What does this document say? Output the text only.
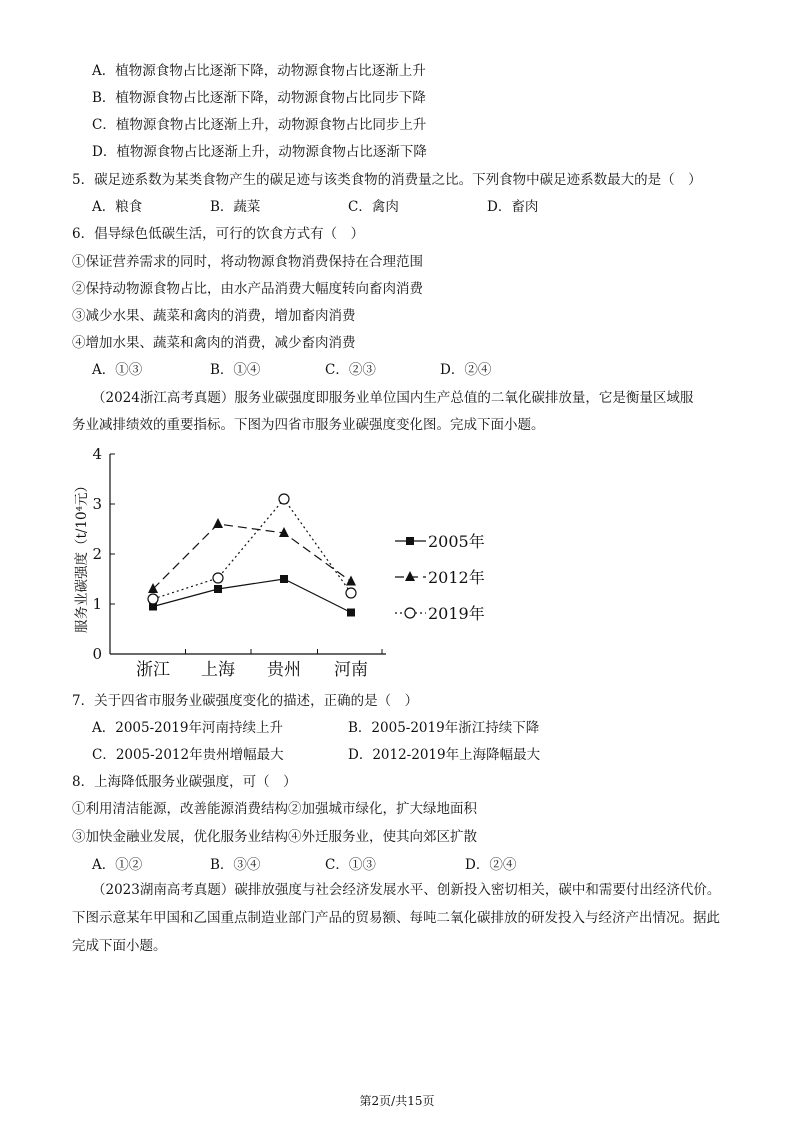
A．植物源食物占比逐渐下降，动物源食物占比逐渐上升
B．植物源食物占比逐渐下降，动物源食物占比同步下降
C．植物源食物占比逐渐上升，动物源食物占比同步上升
D．植物源食物占比逐渐上升，动物源食物占比逐渐下降
5．碳足迹系数为某类食物产生的碳足迹与该类食物的消费量之比。下列食物中碳足迹系数最大的是（　）
A．粮食	B．蔬菜	C．禽肉	D．畜肉
6．倡导绿色低碳生活，可行的饮食方式有（　）
①保证营养需求的同时，将动物源食物消费保持在合理范围
②保持动物源食物占比，由水产品消费大幅度转向畜肉消费
③减少水果、蔬菜和禽肉的消费，增加畜肉消费
④增加水果、蔬菜和禽肉的消费，减少畜肉消费
A．①③	B．①④	C．②③	D．②④
（2024浙江高考真题）服务业碳强度即服务业单位国内生产总值的二氧化碳排放量，它是衡量区域服
务业减排绩效的重要指标。下图为四省市服务业碳强度变化图。完成下面小题。
0
1
2
3
4
浙江 上海 贵州 河南
服务业碳强度（t/10⁴元）	2005年
2012年
2019年
7．关于四省市服务业碳强度变化的描述，正确的是（　）
A．2005-2019年河南持续上升	B．2005-2019年浙江持续下降
C．2005-2012年贵州增幅最大	D．2012-2019年上海降幅最大
8．上海降低服务业碳强度，可（　）
①利用清洁能源，改善能源消费结构②加强城市绿化，扩大绿地面积
③加快金融业发展，优化服务业结构④外迁服务业，使其向郊区扩散
A．①②	B．③④	C．①③	D．②④
（2023湖南高考真题）碳排放强度与社会经济发展水平、创新投入密切相关，碳中和需要付出经济代价。下图示意某年甲国和乙国重点制造业部门产品的贸易额、每吨二氧化碳排放的研发投入与经济产出情况。据此完成下面小题。
第2页/共15页
